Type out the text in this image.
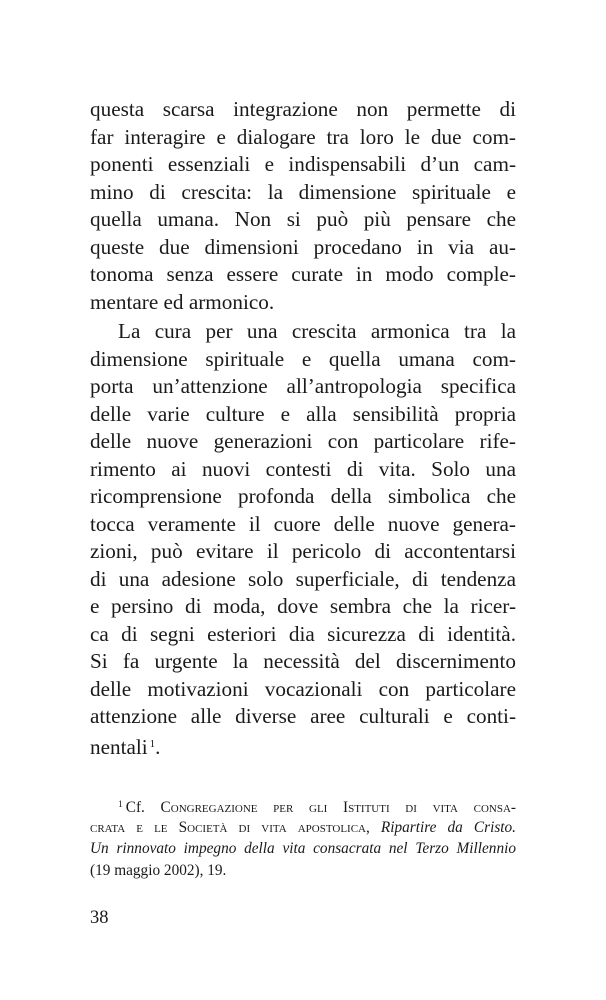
questa scarsa integrazione non permette di
far interagire e dialogare tra loro le due com-
ponenti essenziali e indispensabili d’un cam-
mino di crescita: la dimensione spirituale e
quella umana. Non si può più pensare che
queste due dimensioni procedano in via au-
tonoma senza essere curate in modo comple-
mentare ed armonico.
La cura per una crescita armonica tra la
dimensione spirituale e quella umana com-
porta un’attenzione all’antropologia specifica
delle varie culture e alla sensibilità propria
delle nuove generazioni con particolare rife-
rimento ai nuovi contesti di vita. Solo una
ricomprensione profonda della simbolica che
tocca veramente il cuore delle nuove genera-
zioni, può evitare il pericolo di accontentarsi
di una adesione solo superficiale, di tendenza
e persino di moda, dove sembra che la ricer-
ca di segni esteriori dia sicurezza di identità.
Si fa urgente la necessità del discernimento
delle motivazioni vocazionali con particolare
attenzione alle diverse aree culturali e conti-
nentali $^1$.
$^1$ Cf. Congregazione per gli Istituti di vita consa-
crata e le Società di vita apostolica, Ripartire da Cristo.
Un rinnovato impegno della vita consacrata nel Terzo Millennio
(19 maggio 2002), 19.
38
